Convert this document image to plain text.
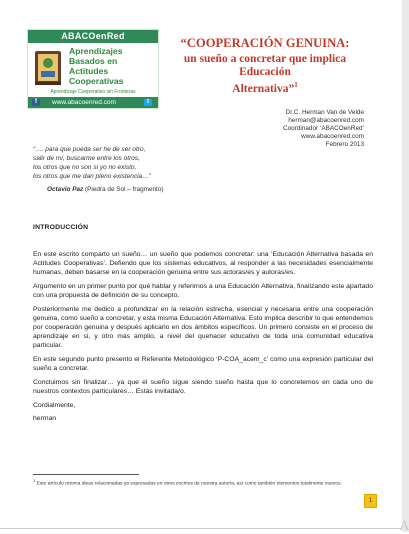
ABACOenRed
Aprendizajes
Basados en
Actitudes
Cooperativas
Aprendizaje Cooperativo sin Fronteras
f	www.abacoenred.com	t
“COOPERACIÓN GENUINA:
un sueño a concretar que implica Educación
Alternativa”$^1$
Dr.C. Herman Van de Velde
herman@abacoenred.com
Coordinador ‘ABACOenRed’
www.abacoenred.com
Febrero 2013
“…. para que pueda ser he de ser otro,
salir de mí, buscarme entre los otros,
los otros que no son si yo no existo,
los otros que me dan pleno existencia…”
Octavio Paz (Piedra de Sol – fragmento)
INTRODUCCIÓN

En este escrito comparto un sueño… un sueño que podemos concretar: una ‘Educación Alternativa basada en Actitudes Cooperativas’. Defiendo que los sistemas educativos, al responder a las necesidades esencialmente humanas, deben basarse en la cooperación genuina entre sus actoras/es y autoras/es.

Argumento en un primer punto por qué hablar y referirnos a una Educación Alternativa, finalizando este apartado con una propuesta de definición de su concepto.

Posteriormente me dedico a profundizar en la relación estrecha, esencial y necesaria entre una cooperación genuina, como sueño a concretar, y esta misma Educación Alternativa. Esto implica describir lo que entendemos por cooperación genuina y después aplicarlo en dos ámbitos específicos. Un primero consiste en el proceso de aprendizaje en sí, y otro más amplio, a nivel del quehacer educativo de toda una comunidad educativa particular.

En este segundo punto presento el Referente Metodológico ‘P-COA_acem_c’ como una expresión particular del sueño a concretar.

Concluimos sin finalizar… ya que el sueño sigue siendo sueño hasta que lo concretemos en cada uno de nuestros contextos particulares… Estás invitada/o.

Cordialmente,

herman

$^1$ Este artículo retoma ideas relacionadas ya expresadas en otros escritos de nuestra autoría, así como también elementos totalmente nuevos.
1
A
